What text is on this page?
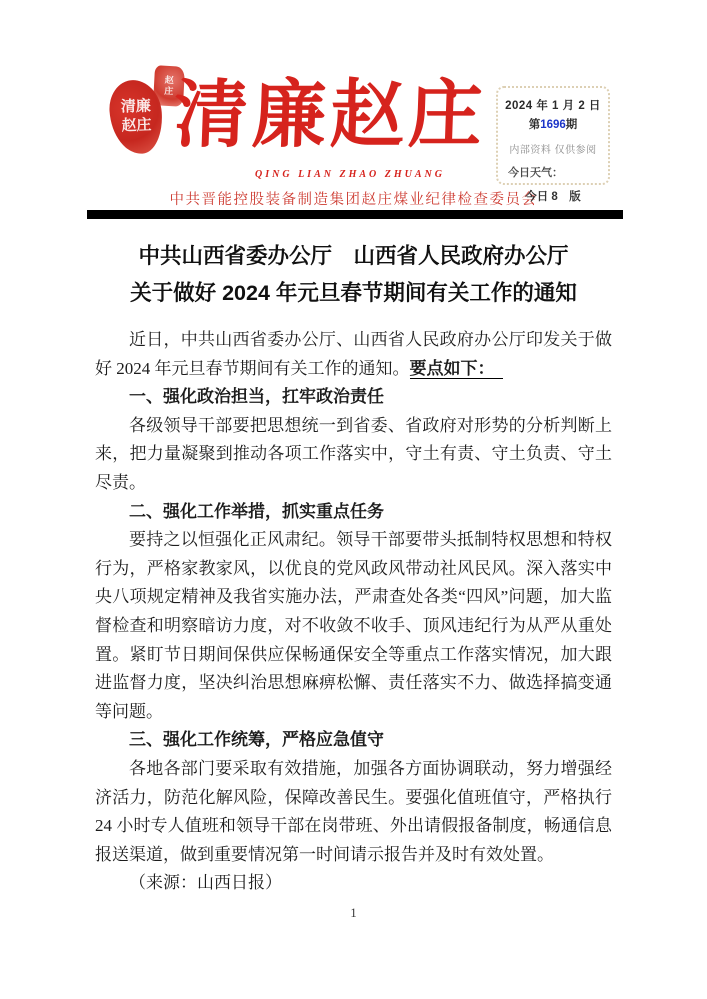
赵庄
清廉赵庄 清廉赵庄
QING LIAN ZHAO ZHUANG
中共晋能控股装备制造集团赵庄煤业纪律检查委员会
2024 年 1 月 2 日
第1696期
内部资料 仅供参阅
今日天气：
今日 8　版
中共山西省委办公厅　山西省人民政府办公厅
关于做好 2024 年元旦春节期间有关工作的通知

近日，中共山西省委办公厅、山西省人民政府办公厅印发关于做好 2024 年元旦春节期间有关工作的通知。要点如下：

一、强化政治担当，扛牢政治责任

各级领导干部要把思想统一到省委、省政府对形势的分析判断上来，把力量凝聚到推动各项工作落实中，守土有责、守土负责、守土尽责。

二、强化工作举措，抓实重点任务

要持之以恒强化正风肃纪。领导干部要带头抵制特权思想和特权行为，严格家教家风，以优良的党风政风带动社风民风。深入落实中央八项规定精神及我省实施办法，严肃查处各类“四风”问题，加大监督检查和明察暗访力度，对不收敛不收手、顶风违纪行为从严从重处置。紧盯节日期间保供应保畅通保安全等重点工作落实情况，加大跟进监督力度，坚决纠治思想麻痹松懈、责任落实不力、做选择搞变通等问题。

三、强化工作统筹，严格应急值守

各地各部门要采取有效措施，加强各方面协调联动，努力增强经济活力，防范化解风险，保障改善民生。要强化值班值守，严格执行 24 小时专人值班和领导干部在岗带班、外出请假报备制度，畅通信息报送渠道，做到重要情况第一时间请示报告并及时有效处置。

（来源：山西日报）

1
